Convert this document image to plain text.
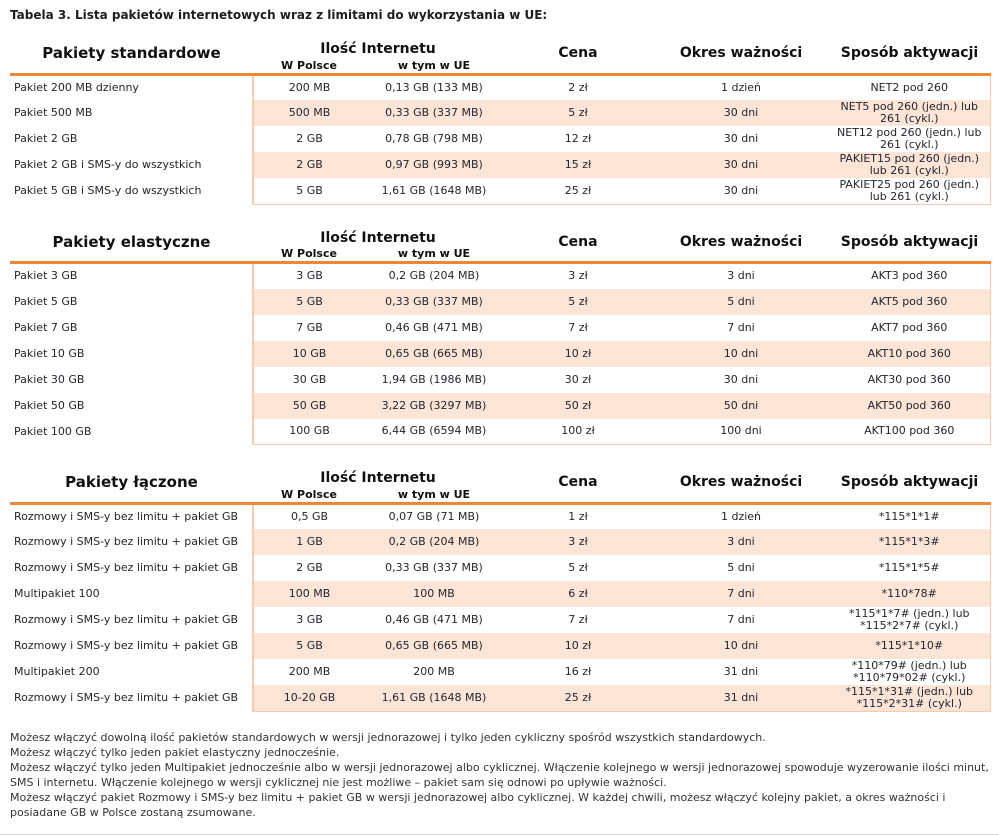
Tabela 3. Lista pakietów internetowych wraz z limitami do wykorzystania w UE:
Pakiety standardowe	Ilość Internetu		Cena	Okres ważności	Sposób aktywacji
	W Polsce	w tym w UE			
Pakiet 200 MB dzienny	200 MB	0,13 GB (133 MB)	2 zł	1 dzień	NET2 pod 260
Pakiet 500 MB	500 MB	0,33 GB (337 MB)	5 zł	30 dni	NET5 pod 260 (jedn.) lub 261 (cykl.)
Pakiet 2 GB	2 GB	0,78 GB (798 MB)	12 zł	30 dni	NET12 pod 260 (jedn.) lub 261 (cykl.)
Pakiet 2 GB i SMS-y do wszystkich	2 GB	0,97 GB (993 MB)	15 zł	30 dni	PAKIET15 pod 260 (jedn.) lub 261 (cykl.)
Pakiet 5 GB i SMS-y do wszystkich	5 GB	1,61 GB (1648 MB)	25 zł	30 dni	PAKIET25 pod 260 (jedn.) lub 261 (cykl.)
Pakiety elastyczne	Ilość Internetu		Cena	Okres ważności	Sposób aktywacji
	W Polsce	w tym w UE			
Pakiet 3 GB	3 GB	0,2 GB (204 MB)	3 zł	3 dni	AKT3 pod 360
Pakiet 5 GB	5 GB	0,33 GB (337 MB)	5 zł	5 dni	AKT5 pod 360
Pakiet 7 GB	7 GB	0,46 GB (471 MB)	7 zł	7 dni	AKT7 pod 360
Pakiet 10 GB	10 GB	0,65 GB (665 MB)	10 zł	10 dni	AKT10 pod 360
Pakiet 30 GB	30 GB	1,94 GB (1986 MB)	30 zł	30 dni	AKT30 pod 360
Pakiet 50 GB	50 GB	3,22 GB (3297 MB)	50 zł	50 dni	AKT50 pod 360
Pakiet 100 GB	100 GB	6,44 GB (6594 MB)	100 zł	100 dni	AKT100 pod 360
Pakiety łączone	Ilość Internetu		Cena	Okres ważności	Sposób aktywacji
	W Polsce	w tym w UE			
Rozmowy i SMS-y bez limitu + pakiet GB	0,5 GB	0,07 GB (71 MB)	1 zł	1 dzień	*115*1*1#
Rozmowy i SMS-y bez limitu + pakiet GB	1 GB	0,2 GB (204 MB)	3 zł	3 dni	*115*1*3#
Rozmowy i SMS-y bez limitu + pakiet GB	2 GB	0,33 GB (337 MB)	5 zł	5 dni	*115*1*5#
Multipakiet 100	100 MB	100 MB	6 zł	7 dni	*110*78#
Rozmowy i SMS-y bez limitu + pakiet GB	3 GB	0,46 GB (471 MB)	7 zł	7 dni	*115*1*7# (jedn.) lub *115*2*7# (cykl.)
Rozmowy i SMS-y bez limitu + pakiet GB	5 GB	0,65 GB (665 MB)	10 zł	10 dni	*115*1*10#
Multipakiet 200	200 MB	200 MB	16 zł	31 dni	*110*79# (jedn.) lub *110*79*02# (cykl.)
Rozmowy i SMS-y bez limitu + pakiet GB	10-20 GB	1,61 GB (1648 MB)	25 zł	31 dni	*115*1*31# (jedn.) lub *115*2*31# (cykl.)

Możesz włączyć dowolną ilość pakietów standardowych w wersji jednorazowej i tylko jeden cykliczny spośród wszystkich standardowych.

Możesz włączyć tylko jeden pakiet elastyczny jednocześnie.

Możesz włączyć tylko jeden Multipakiet jednocześnie albo w wersji jednorazowej albo cyklicznej. Włączenie kolejnego w wersji jednorazowej spowoduje wyzerowanie ilości minut, SMS i internetu. Włączenie kolejnego w wersji cyklicznej nie jest możliwe – pakiet sam się odnowi po upływie ważności.

Możesz włączyć pakiet Rozmowy i SMS-y bez limitu + pakiet GB w wersji jednorazowej albo cyklicznej. W każdej chwili, możesz włączyć kolejny pakiet, a okres ważności i posiadane GB w Polsce zostaną zsumowane.
